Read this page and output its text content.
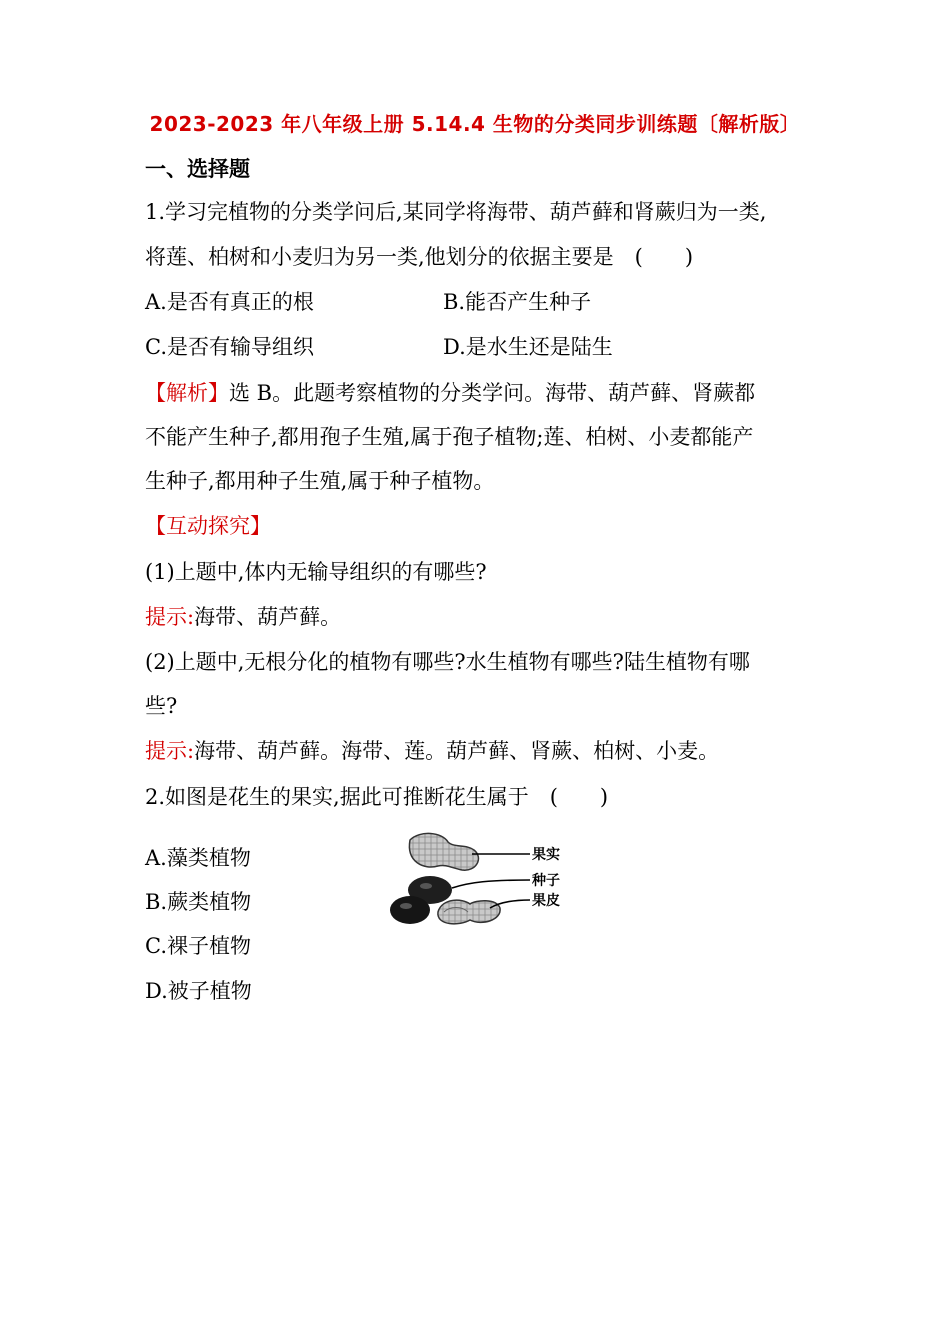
2023-2023 年八年级上册 5.14.4 生物的分类同步训练题〔解析版〕
一、选择题
1.学习完植物的分类学问后,某同学将海带、葫芦藓和肾蕨归为一类,
将莲、柏树和小麦归为另一类,他划分的依据主要是　(　　)
A.是否有真正的根	B.能否产生种子
C.是否有输导组织	D.是水生还是陆生
【解析】选 B。此题考察植物的分类学问。海带、葫芦藓、肾蕨都
不能产生种子,都用孢子生殖,属于孢子植物;莲、柏树、小麦都能产
生种子,都用种子生殖,属于种子植物。
【互动探究】
(1)上题中,体内无输导组织的有哪些?
提示:海带、葫芦藓。
(2)上题中,无根分化的植物有哪些?水生植物有哪些?陆生植物有哪
些?
提示:海带、葫芦藓。海带、莲。葫芦藓、肾蕨、柏树、小麦。
2.如图是花生的果实,据此可推断花生属于　(　　)
A.藻类植物
B.蕨类植物
C.裸子植物
D.被子植物
果实
种子
果皮
